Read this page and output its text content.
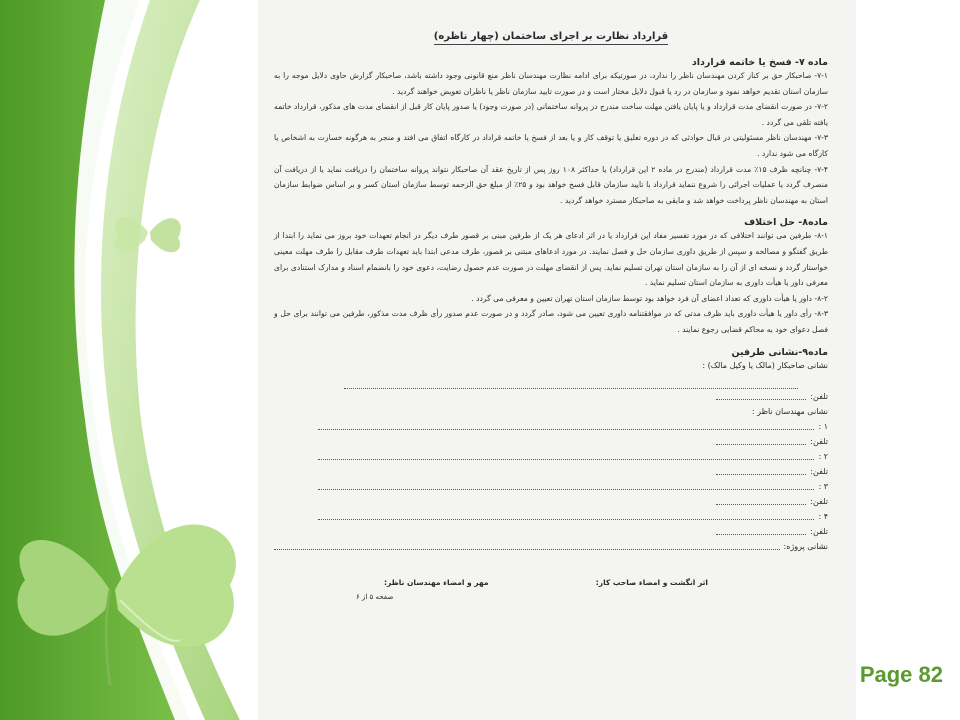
قرارداد نظارت بر اجرای ساختمان (چهار ناظره)
ماده ۷- فسخ یا خاتمه قرارداد

۷-۱- صاحبکار حق بر کنار کردن مهندسان ناظر را ندارد، در صورتیکه برای ادامه نظارت مهندسان ناظر منع قانونی وجود داشته باشد، صاحبکار گزارش حاوی دلایل موجه را به سازمان استان تقدیم خواهد نمود و سازمان در رد یا قبول دلایل مختار است و در صورت تایید سازمان ناظر یا ناظران تعویض خواهند گردید .

۷-۲- در صورت انقضای مدت قرارداد و یا پایان یافتن مهلت ساخت مندرج در پروانه ساختمانی (در صورت وجود) یا صدور پایان کار قبل از انقضای مدت های مذکور، قرارداد خاتمه یافته تلقی می گردد .

۷-۳- مهندسان ناظر مسئولیتی در قبال حوادثی که در دوره تعلیق یا توقف کار و یا بعد از فسخ یا خاتمه قراداد در کارگاه اتفاق می افتد و منجر به هرگونه خسارت به اشخاص یا کارگاه می شود ندارد .

۷-۴- چنانچه ظرف ۱۵٪ مدت قرارداد (مندرج در ماده ۲ این قرارداد) یا حداکثر ۱۰۸ روز پس از تاریخ عقد آن صاحبکار نتواند پروانه ساختمان را دریافت نماید یا از دریافت آن منصرف گردد یا عملیات اجرائی را شروع ننماید قرارداد با تایید سازمان قابل فسخ خواهد بود و ۲۵٪ از مبلغ حق الزحمه توسط سازمان استان کسر و بر اساس ضوابط سازمان استان به مهندسان ناظر پرداخت خواهد شد و مابقی به صاحبکار مسترد خواهد گردید .

ماده۸- حل اختلاف

۸-۱- طرفین می توانند اختلافی که در مورد تفسیر مفاد این قرارداد یا در اثر ادعای هر یک از طرفین مبنی بر قصور طرف دیگر در انجام تعهدات خود بروز می نماید را ابتدا از طریق گفتگو و مصالحه و سپس از طریق داوری سازمان حل و فصل نمایند. در مورد ادعاهای مبتنی بر قصور، طرف مدعی ابتدا باید تعهدات طرف مقابل را طرف مهلت معینی خواستار گردد و نسخه ای از آن را به سازمان استان تهران تسلیم نماید. پس از انقضای مهلت در صورت عدم حصول رضایت، دعوی خود را بانضمام اسناد و مدارک استنادی برای معرفی داور یا هیأت داوری به سازمان استان تسلیم نماید .

۸-۲- داور یا هیأت داوری که تعداد اعضای آن فرد خواهد بود توسط سازمان استان تهران تعیین و معرفی می گردد .

۸-۳- رأی داور یا هیأت داوری باید ظرف مدتی که در موافقتنامه داوری تعیین می شود، صادر گردد و در صورت عدم صدور رأی ظرف مدت مذکور، طرفین می توانند برای حل و فصل دعوای خود به محاکم قضایی رجوع نمایند .

ماده۹-نشانی طرفین
نشانی صاحبکار (مالک یا وکیل مالک) :
تلفن:
نشانی مهندسان ناظر :
۱ :
تلفن:
۲ :
تلفن:
۳ :
تلفن:
۴ :
تلفن:
نشانی پروژه:
اثر انگشت و امضاء صاحب کار:
مهر و امضاء مهندسان ناظر:
صفحه ۵ از ۶
Page 82
